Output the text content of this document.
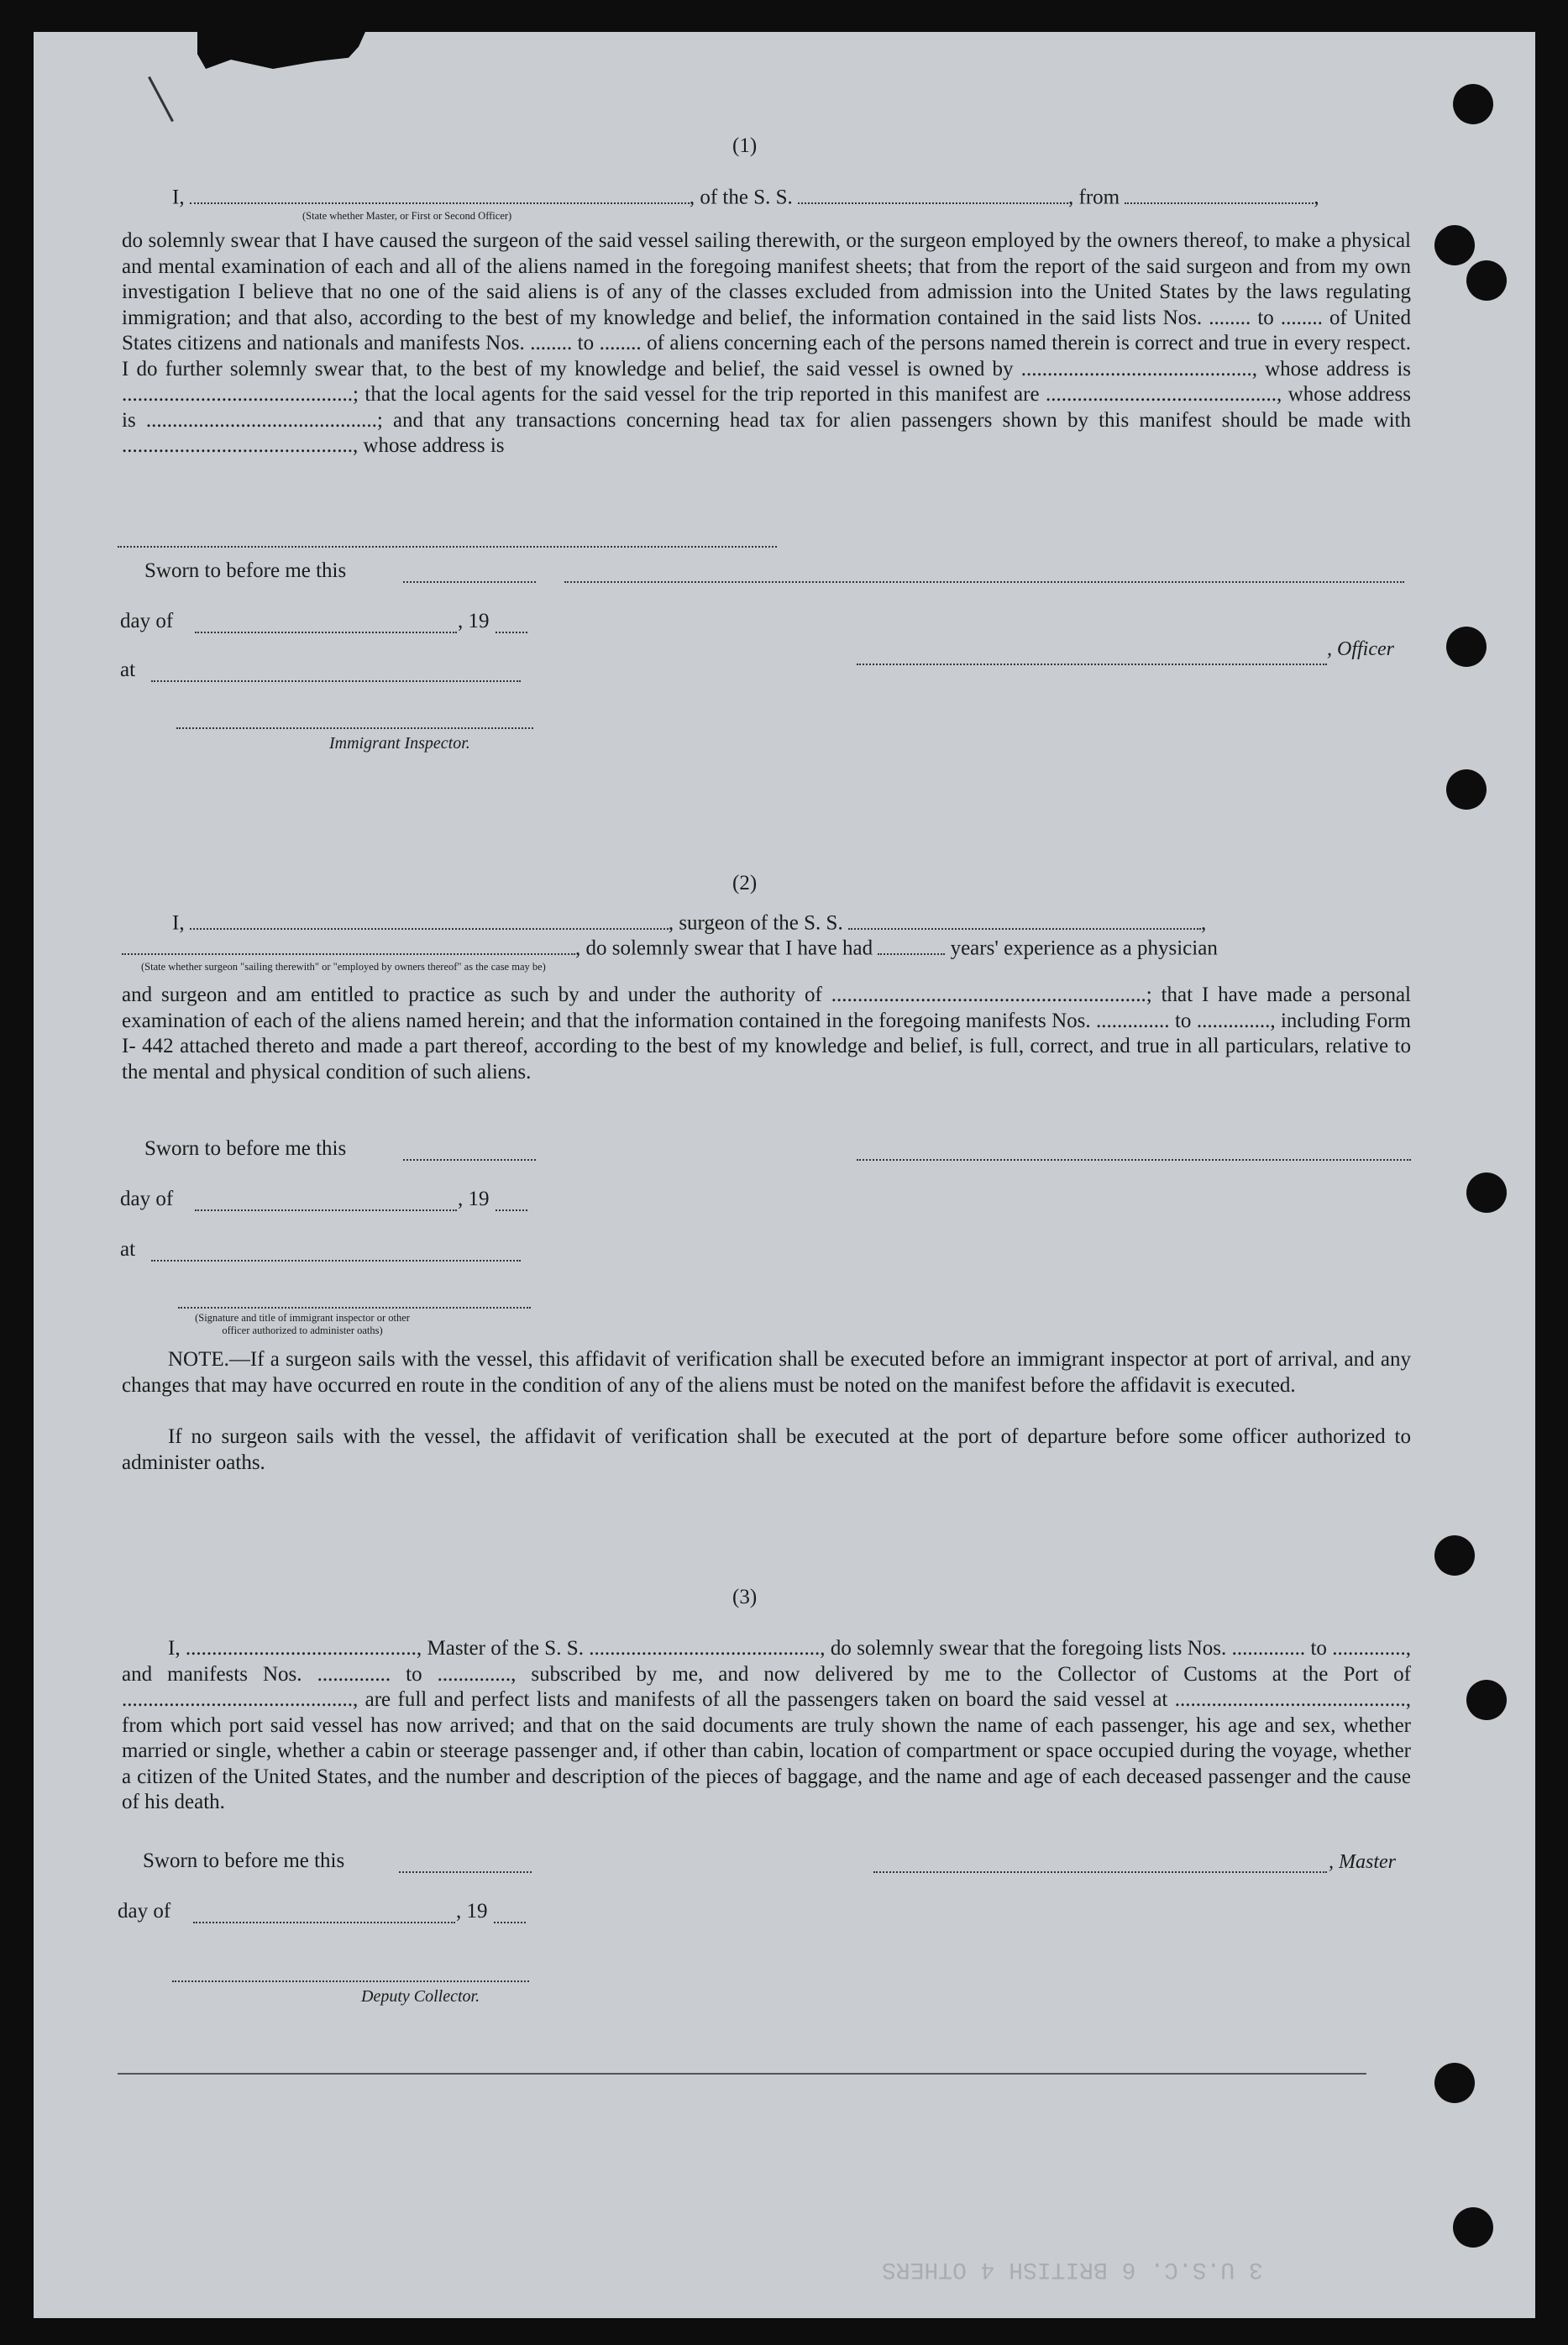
(1)
I,	, of the S. S.	, from	,
(State whether Master, or First or Second Officer)

do solemnly swear that I have caused the surgeon of the said vessel sailing therewith, or the surgeon employed by the owners thereof, to make a physical and mental examination of each and all of the aliens named in the foregoing manifest sheets; that from the report of the said surgeon and from my own investigation I believe that no one of the said aliens is of any of the classes excluded from admission into the United States by the laws regulating immigration; and that also, according to the best of my knowledge and belief, the information contained in the said lists Nos. ........ to ........ of United States citizens and nationals and manifests Nos. ........ to ........ of aliens concerning each of the persons named therein is correct and true in every respect. I do further solemnly swear that, to the best of my knowledge and belief, the said vessel is owned by ............................................, whose address is ............................................; that the local agents for the said vessel for the trip reported in this manifest are ............................................, whose address is ............................................; and that any transactions concerning head tax for alien passengers shown by this manifest should be made with ............................................, whose address is

Sworn to before me this
day of	, 19
, Officer
at
Immigrant Inspector.
(2)
I,	, surgeon of the S. S.	,
, do solemnly swear that I have had	years' experience as a physician
(State whether surgeon "sailing therewith" or "employed by owners thereof" as the case may be)

and surgeon and am entitled to practice as such by and under the authority of ............................................................; that I have made a personal examination of each of the aliens named herein; and that the information contained in the foregoing manifests Nos. .............. to .............., including Form I- 442 attached thereto and made a part thereof, according to the best of my knowledge and belief, is full, correct, and true in all particulars, relative to the mental and physical condition of such aliens.

Sworn to before me this
day of	, 19
at
(Signature and title of immigrant inspector or other officer authorized to administer oaths)

NOTE.—If a surgeon sails with the vessel, this affidavit of verification shall be executed before an immigrant inspector at port of arrival, and any changes that may have occurred en route in the condition of any of the aliens must be noted on the manifest before the affidavit is executed.

If no surgeon sails with the vessel, the affidavit of verification shall be executed at the port of departure before some officer authorized to administer oaths.

(3)

I, ............................................, Master of the S. S. ............................................, do solemnly swear that the foregoing lists Nos. .............. to .............., and manifests Nos. .............. to .............., subscribed by me, and now delivered by me to the Collector of Customs at the Port of ............................................, are full and perfect lists and manifests of all the passengers taken on board the said vessel at ............................................, from which port said vessel has now arrived; and that on the said documents are truly shown the name of each passenger, his age and sex, whether married or single, whether a cabin or steerage passenger and, if other than cabin, location of compartment or space occupied during the voyage, whether a citizen of the United States, and the number and description of the pieces of baggage, and the name and age of each deceased passenger and the cause of his death.

Sworn to before me this	, Master
day of	, 19
Deputy Collector.
3 U.S.C. 6 BRITISH 4 OTHERS
